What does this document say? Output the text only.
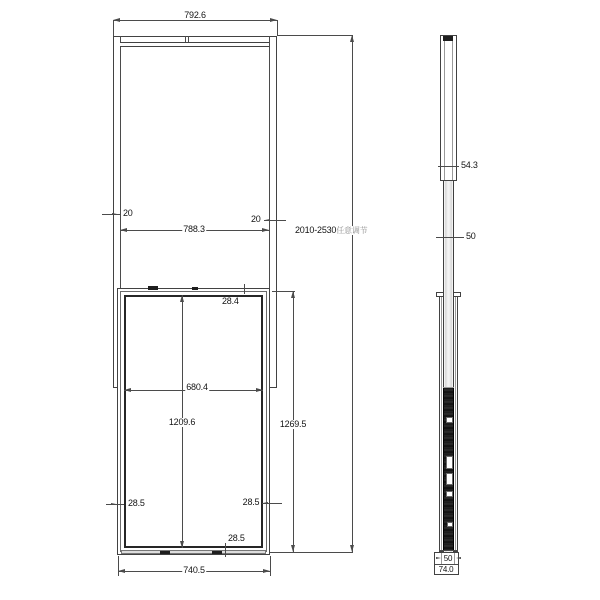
792.6
20
20
788.3	2010-2530任意调节
680.4
1209.6
28.4
28.5	28.5
28.5
740.5
1269.5
54.3
50
50
74.0
